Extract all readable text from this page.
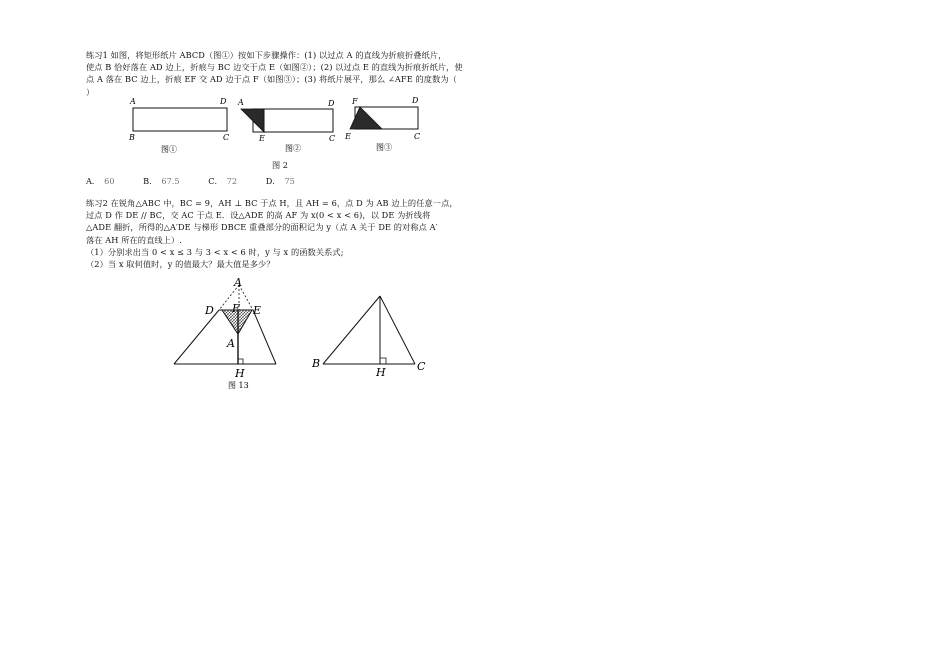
练习1 如图，将矩形纸片 ABCD（图①）按如下步骤操作：(1) 以过点 A 的直线为折痕折叠纸片，
使点 B 恰好落在 AD 边上，折痕与 BC 边交于点 E（如图②）；(2) 以过点 E 的直线为折痕折纸片，使
点 A 落在 BC 边上，折痕 EF 交 AD 边于点 F（如图③）；(3) 将纸片展平，那么 ∠AFE 的度数为（
）
A	D
B	C
图①
A	D
E	C
图②
F	D
E	C
图③
图 2
A． 60	B． 67.5	C． 72	D． 75
练习2 在锐角△ABC 中，BC = 9，AH ⊥ BC 于点 H，且 AH = 6，点 D 为 AB 边上的任意一点，
过点 D 作 DE // BC，交 AC 于点 E．设△ADE 的高 AF 为 x(0 < x < 6)，以 DE 为折线将
△ADE 翻折，所得的△A′DE 与梯形 DBCE 重叠部分的面积记为 y（点 A 关于 DE 的对称点 A′
落在 AH 所在的直线上）.
（1）分别求出当 0 < x ≤ 3 与 3 < x < 6 时，y 与 x 的函数关系式;
（2）当 x 取何值时，y 的值最大？最大值是多少？
A
D F E
A
H
图 13
B
H	C
